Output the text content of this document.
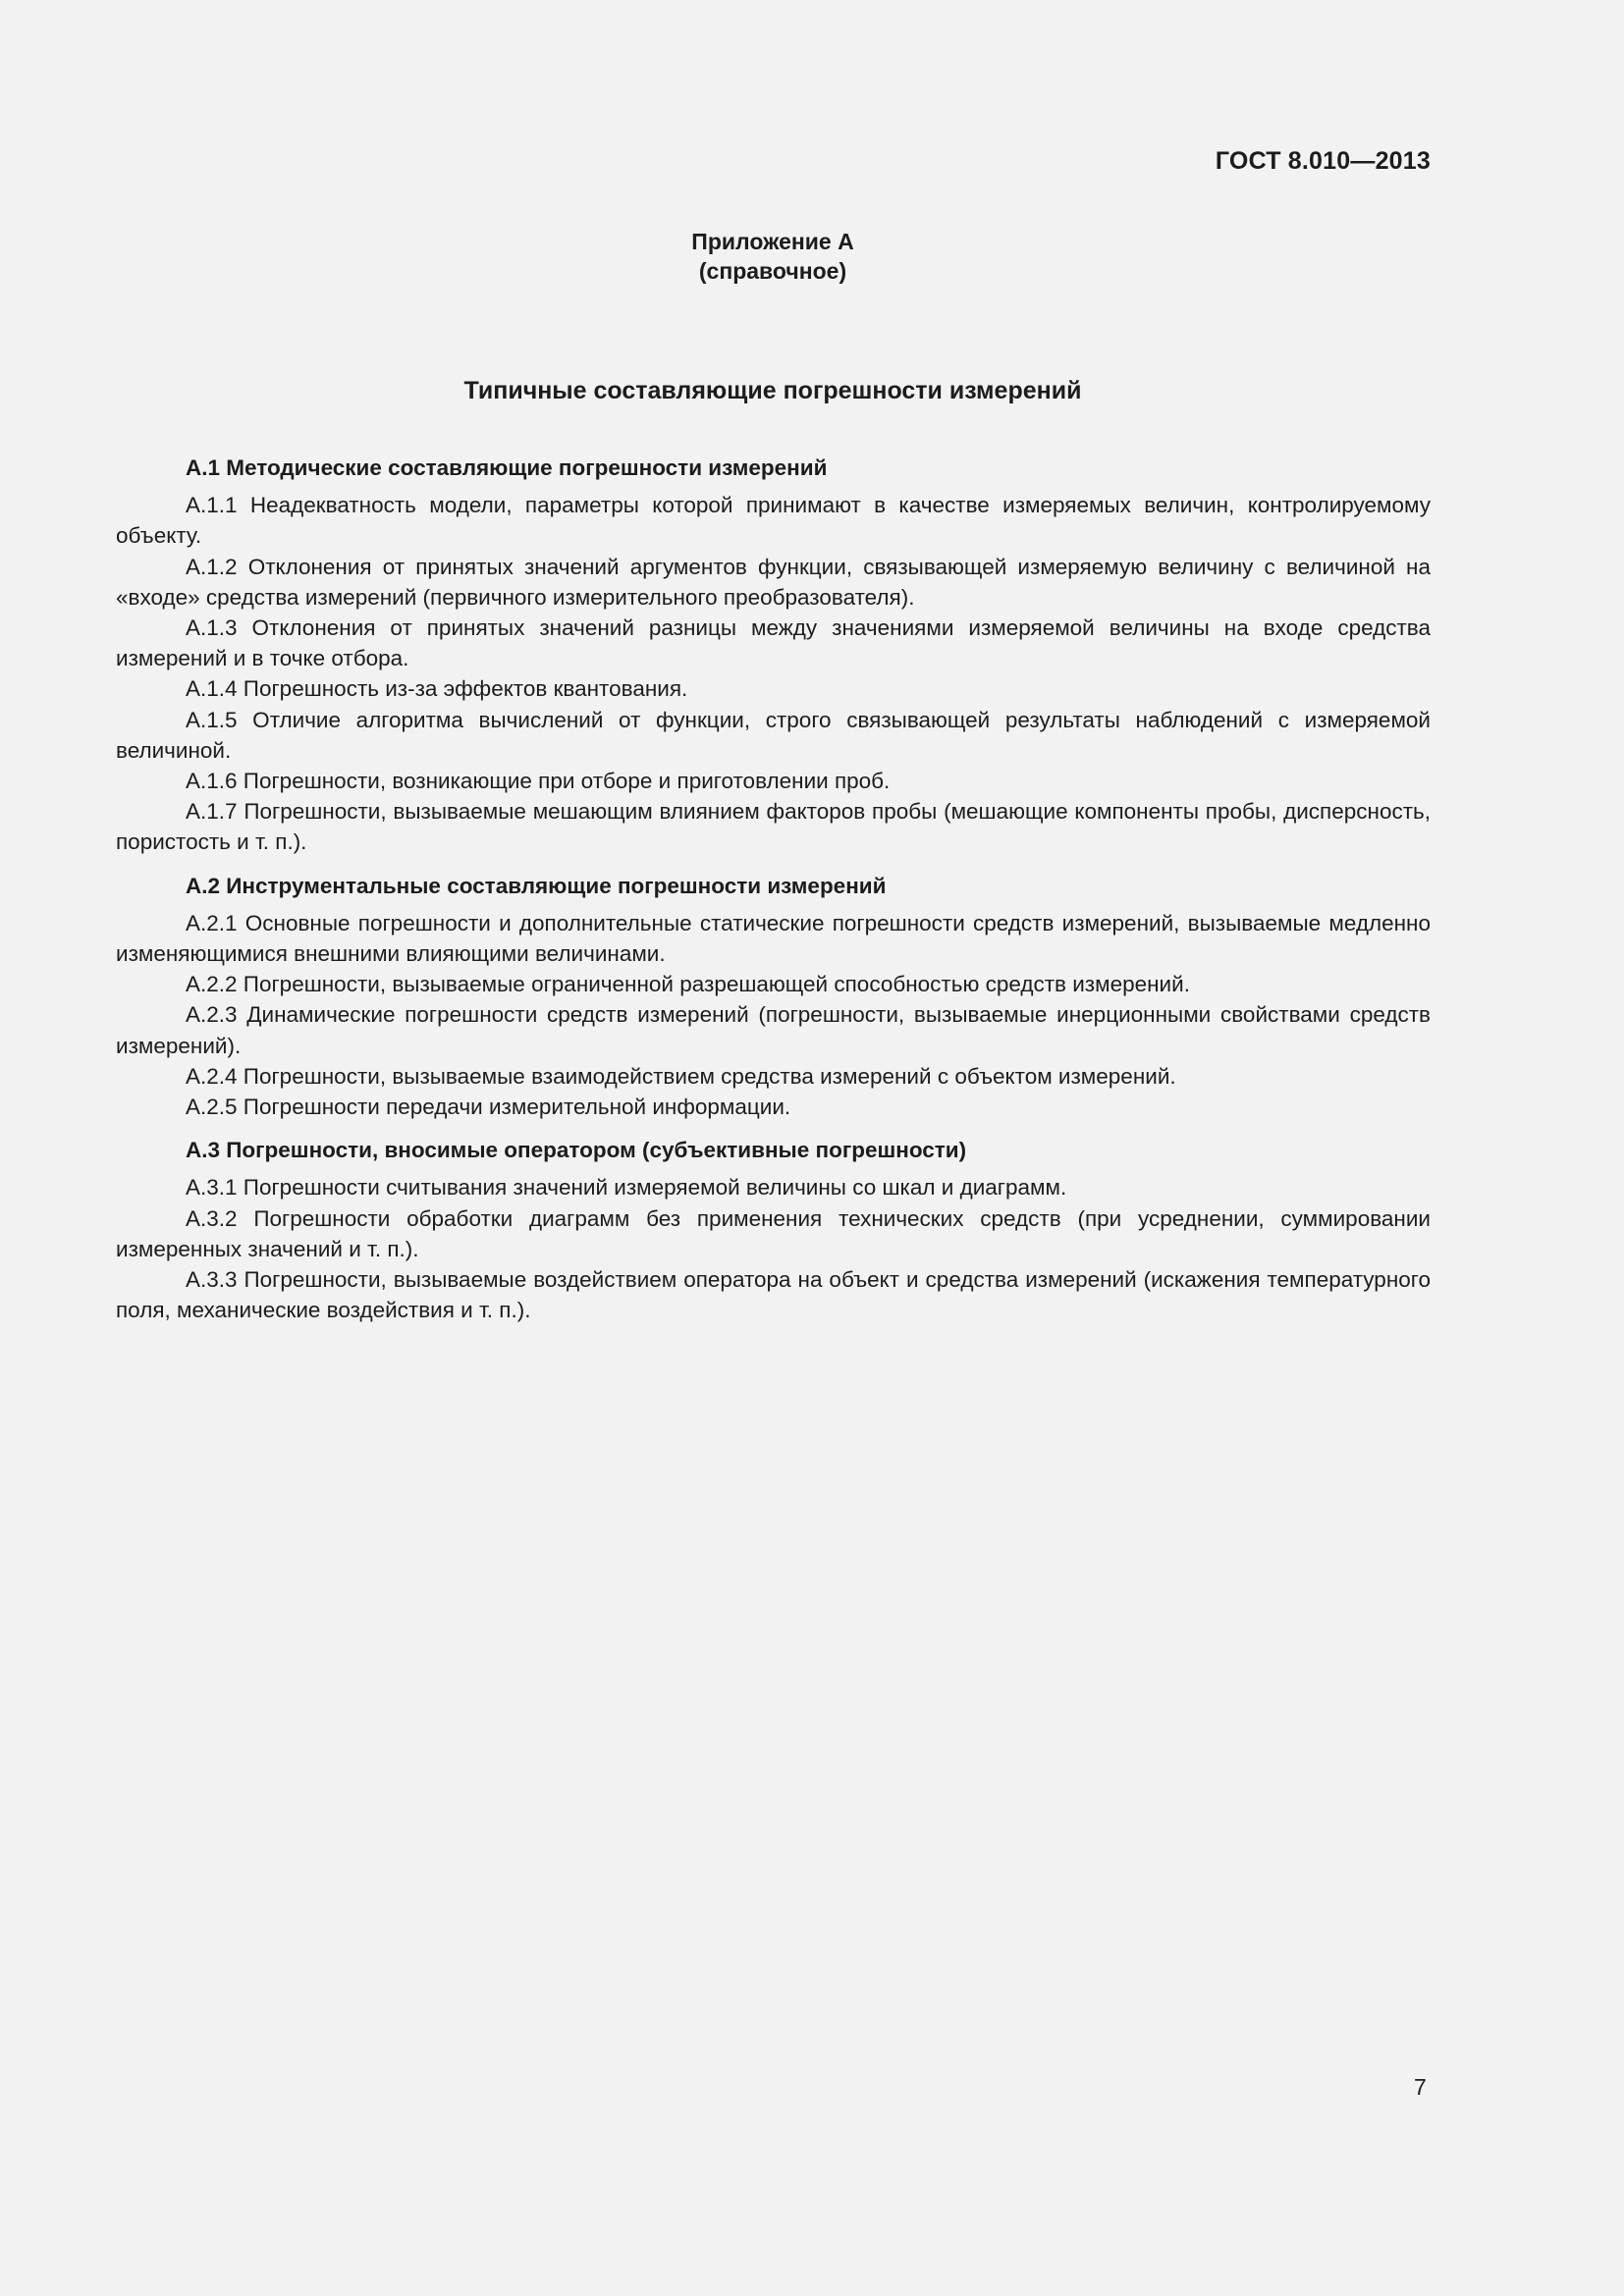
ГОСТ 8.010—2013
Приложение А
(справочное)
Типичные составляющие погрешности измерений
А.1 Методические составляющие погрешности измерений

А.1.1 Неадекватность модели, параметры которой принимают в качестве измеряемых величин, контролируемому объекту.

А.1.2 Отклонения от принятых значений аргументов функции, связывающей измеряемую величину с величиной на «входе» средства измерений (первичного измерительного преобразователя).

А.1.3 Отклонения от принятых значений разницы между значениями измеряемой величины на входе средства измерений и в точке отбора.

А.1.4 Погрешность из-за эффектов квантования.

А.1.5 Отличие алгоритма вычислений от функции, строго связывающей результаты наблюдений с измеряемой величиной.

А.1.6 Погрешности, возникающие при отборе и приготовлении проб.

А.1.7 Погрешности, вызываемые мешающим влиянием факторов пробы (мешающие компоненты пробы, дисперсность, пористость и т. п.).

А.2 Инструментальные составляющие погрешности измерений

А.2.1 Основные погрешности и дополнительные статические погрешности средств измерений, вызываемые медленно изменяющимися внешними влияющими величинами.

А.2.2 Погрешности, вызываемые ограниченной разрешающей способностью средств измерений.

А.2.3 Динамические погрешности средств измерений (погрешности, вызываемые инерционными свойствами средств измерений).

А.2.4 Погрешности, вызываемые взаимодействием средства измерений с объектом измерений.

А.2.5 Погрешности передачи измерительной информации.

А.3 Погрешности, вносимые оператором (субъективные погрешности)

А.3.1 Погрешности считывания значений измеряемой величины со шкал и диаграмм.

А.3.2 Погрешности обработки диаграмм без применения технических средств (при усреднении, суммировании измеренных значений и т. п.).

А.3.3 Погрешности, вызываемые воздействием оператора на объект и средства измерений (искажения температурного поля, механические воздействия и т. п.).

7
